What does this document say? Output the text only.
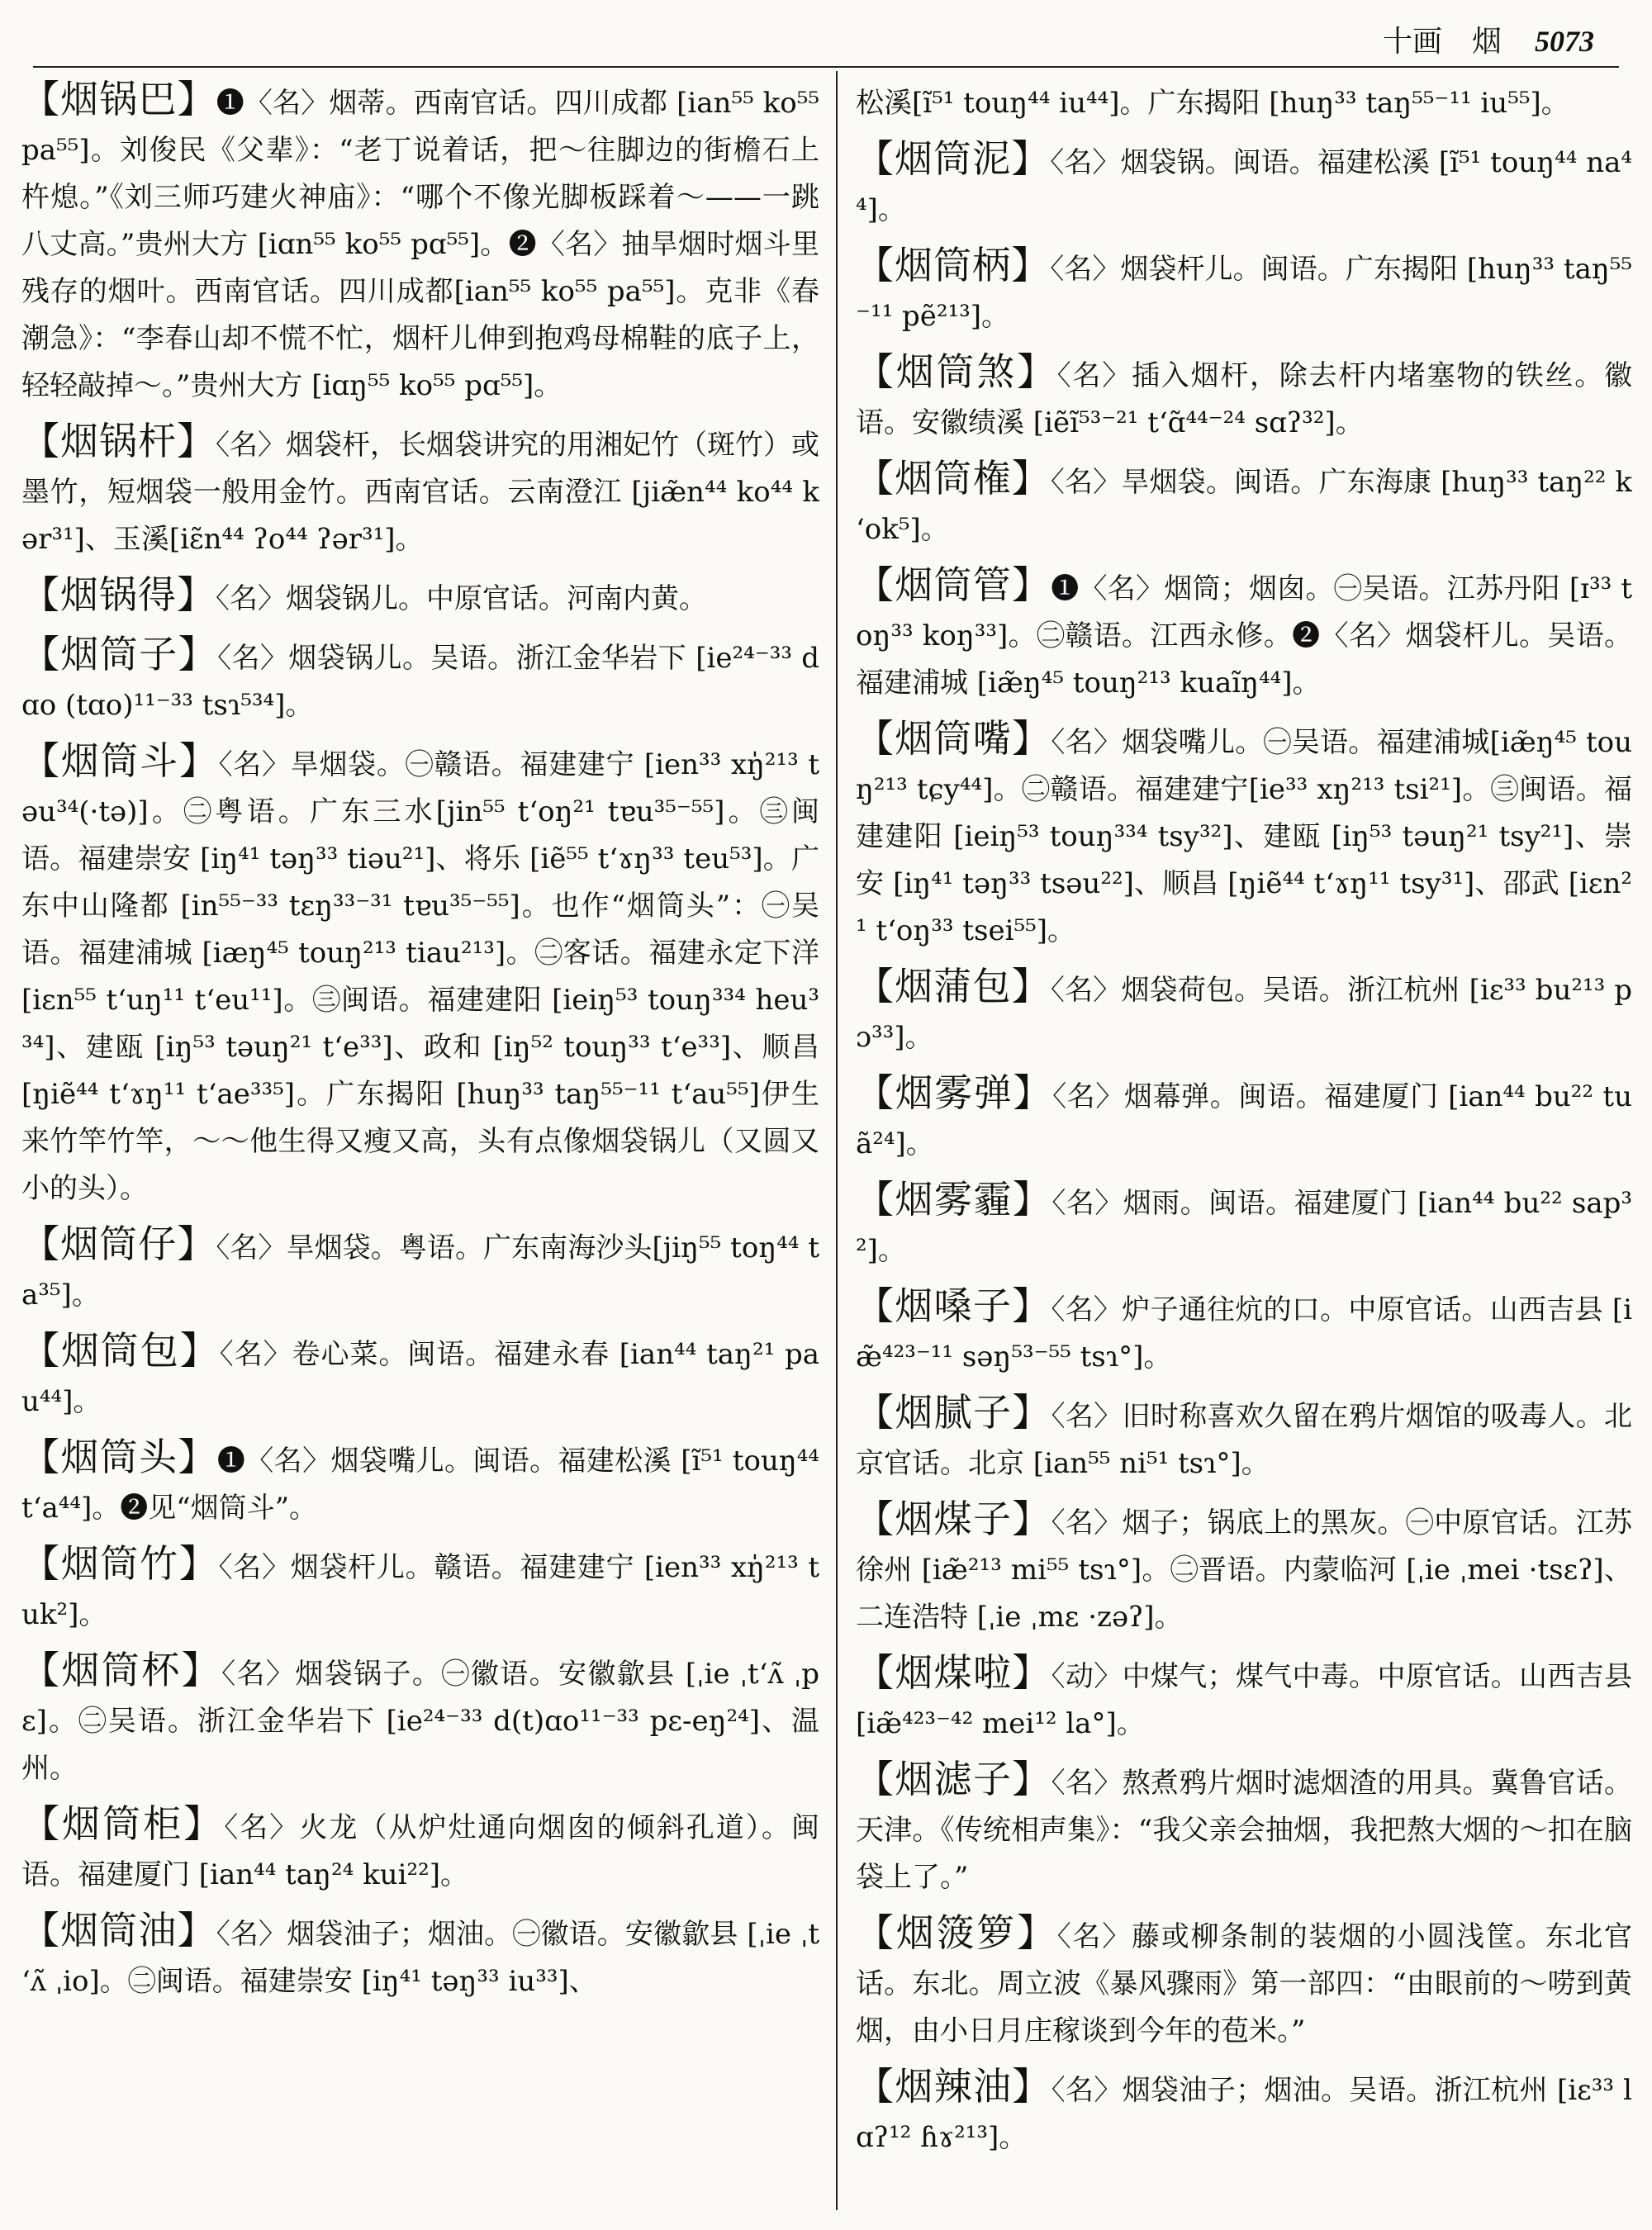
十画　烟 5073
【烟锅巴】❶〈名〉烟蒂。西南官话。四川成都 [ian⁵⁵ ko⁵⁵ pa⁵⁵]。刘俊民《父辈》：“老丁说着话，把～往脚边的街檐石上杵熄。”《刘三师巧建火神庙》：“哪个不像光脚板踩着～——一跳八丈高。”贵州大方 [iɑn⁵⁵ ko⁵⁵ pɑ⁵⁵]。❷〈名〉抽旱烟时烟斗里残存的烟叶。西南官话。四川成都[ian⁵⁵ ko⁵⁵ pa⁵⁵]。克非《春潮急》：“李春山却不慌不忙，烟杆儿伸到抱鸡母棉鞋的底子上，轻轻敲掉～。”贵州大方 [iɑŋ⁵⁵ ko⁵⁵ pɑ⁵⁵]。
【烟锅杆】〈名〉烟袋杆，长烟袋讲究的用湘妃竹（斑竹）或墨竹，短烟袋一般用金竹。西南官话。云南澄江 [jiæ̃n⁴⁴ ko⁴⁴ kər³¹]、玉溪[iɛ̃n⁴⁴ ʔo⁴⁴ ʔər³¹]。
【烟锅得】〈名〉烟袋锅儿。中原官话。河南内黄。
【烟筒子】〈名〉烟袋锅儿。吴语。浙江金华岩下 [ie²⁴⁻³³ dɑo (tɑo)¹¹⁻³³ tsɿ⁵³⁴]。
【烟筒斗】〈名〉旱烟袋。㊀赣语。福建建宁 [ien³³ xŋ̍²¹³ təu³⁴(·tə)]。㊁粤语。广东三水[jin⁵⁵ tʻoŋ²¹ tɐu³⁵⁻⁵⁵]。㊂闽语。福建崇安 [iŋ⁴¹ təŋ³³ tiəu²¹]、将乐 [iẽ⁵⁵ tʻɤŋ³³ teu⁵³]。广东中山隆都 [in⁵⁵⁻³³ tɛŋ³³⁻³¹ tɐu³⁵⁻⁵⁵]。也作“烟筒头”：㊀吴语。福建浦城 [iæŋ⁴⁵ touŋ²¹³ tiau²¹³]。㊁客话。福建永定下洋 [iɛn⁵⁵ tʻuŋ¹¹ tʻeu¹¹]。㊂闽语。福建建阳 [ieiŋ⁵³ touŋ³³⁴ heu³³⁴]、建瓯 [iŋ⁵³ təuŋ²¹ tʻe³³]、政和 [iŋ⁵² touŋ³³ tʻe³³]、顺昌 [ŋiẽ⁴⁴ tʻɤŋ¹¹ tʻae³³⁵]。广东揭阳 [huŋ³³ taŋ⁵⁵⁻¹¹ tʻau⁵⁵]伊生来竹竿竹竿，～～他生得又瘦又高，头有点像烟袋锅儿（又圆又小的头）。
【烟筒仔】〈名〉旱烟袋。粤语。广东南海沙头[jiŋ⁵⁵ toŋ⁴⁴ ta³⁵]。
【烟筒包】〈名〉卷心菜。闽语。福建永春 [ian⁴⁴ taŋ²¹ pau⁴⁴]。
【烟筒头】❶〈名〉烟袋嘴儿。闽语。福建松溪 [ĩ⁵¹ touŋ⁴⁴ tʻa⁴⁴]。❷见“烟筒斗”。
【烟筒竹】〈名〉烟袋杆儿。赣语。福建建宁 [ien³³ xŋ̍²¹³ tuk²]。
【烟筒杯】〈名〉烟袋锅子。㊀徽语。安徽歙县 [ˌie ˌtʻʌ̃ ˌpɛ]。㊁吴语。浙江金华岩下 [ie²⁴⁻³³ d(t)ɑo¹¹⁻³³ pɛ-eŋ²⁴]、温州。
【烟筒柜】〈名〉火龙（从炉灶通向烟囱的倾斜孔道）。闽语。福建厦门 [ian⁴⁴ taŋ²⁴ kui²²]。
【烟筒油】〈名〉烟袋油子；烟油。㊀徽语。安徽歙县 [ˌie ˌtʻʌ̃ ˌio]。㊁闽语。福建崇安 [iŋ⁴¹ təŋ³³ iu³³]、
松溪[ĩ⁵¹ touŋ⁴⁴ iu⁴⁴]。广东揭阳 [huŋ³³ taŋ⁵⁵⁻¹¹ iu⁵⁵]。
【烟筒泥】〈名〉烟袋锅。闽语。福建松溪 [ĩ⁵¹ touŋ⁴⁴ na⁴⁴]。
【烟筒柄】〈名〉烟袋杆儿。闽语。广东揭阳 [huŋ³³ taŋ⁵⁵⁻¹¹ pẽ²¹³]。
【烟筒煞】〈名〉插入烟杆，除去杆内堵塞物的铁丝。徽语。安徽绩溪 [iẽĩ⁵³⁻²¹ tʻɑ̃⁴⁴⁻²⁴ sɑʔ³²]。
【烟筒権】〈名〉旱烟袋。闽语。广东海康 [huŋ³³ taŋ²² kʻok⁵]。
【烟筒管】❶〈名〉烟筒；烟囱。㊀吴语。江苏丹阳 [ɪ³³ toŋ³³ koŋ³³]。㊁赣语。江西永修。❷〈名〉烟袋杆儿。吴语。福建浦城 [iæ̃ŋ⁴⁵ touŋ²¹³ kuaĩŋ⁴⁴]。
【烟筒嘴】〈名〉烟袋嘴儿。㊀吴语。福建浦城[iæ̃ŋ⁴⁵ touŋ²¹³ tɕy⁴⁴]。㊁赣语。福建建宁[ie³³ xŋ²¹³ tsi²¹]。㊂闽语。福建建阳 [ieiŋ⁵³ touŋ³³⁴ tsy³²]、建瓯 [iŋ⁵³ təuŋ²¹ tsy²¹]、崇安 [iŋ⁴¹ təŋ³³ tsəu²²]、顺昌 [ŋiẽ⁴⁴ tʻɤŋ¹¹ tsy³¹]、邵武 [iɛn²¹ tʻoŋ³³ tsei⁵⁵]。
【烟蒲包】〈名〉烟袋荷包。吴语。浙江杭州 [iɛ³³ bu²¹³ pɔ³³]。
【烟雾弹】〈名〉烟幕弹。闽语。福建厦门 [ian⁴⁴ bu²² tuã²⁴]。
【烟雾霾】〈名〉烟雨。闽语。福建厦门 [ian⁴⁴ bu²² sap³²]。
【烟嗓子】〈名〉炉子通往炕的口。中原官话。山西吉县 [iæ̃⁴²³⁻¹¹ səŋ⁵³⁻⁵⁵ tsɿ°]。
【烟腻子】〈名〉旧时称喜欢久留在鸦片烟馆的吸毒人。北京官话。北京 [ian⁵⁵ ni⁵¹ tsɿ°]。
【烟煤子】〈名〉烟子；锅底上的黑灰。㊀中原官话。江苏徐州 [iæ̃²¹³ mi⁵⁵ tsɿ°]。㊁晋语。内蒙临河 [ˌie ˌmei ·tsɛʔ]、二连浩特 [ˌie ˌmɛ ·zəʔ]。
【烟煤啦】〈动〉中煤气；煤气中毒。中原官话。山西吉县 [iæ̃⁴²³⁻⁴² mei¹² la°]。
【烟滤子】〈名〉熬煮鸦片烟时滤烟渣的用具。冀鲁官话。天津。《传统相声集》：“我父亲会抽烟，我把熬大烟的～扣在脑袋上了。”
【烟箥箩】〈名〉藤或柳条制的装烟的小圆浅筐。东北官话。东北。周立波《暴风骤雨》第一部四：“由眼前的～唠到黄烟，由小日月庄稼谈到今年的苞米。”
【烟辣油】〈名〉烟袋油子；烟油。吴语。浙江杭州 [iɛ³³ lɑʔ¹² ɦɤ²¹³]。
